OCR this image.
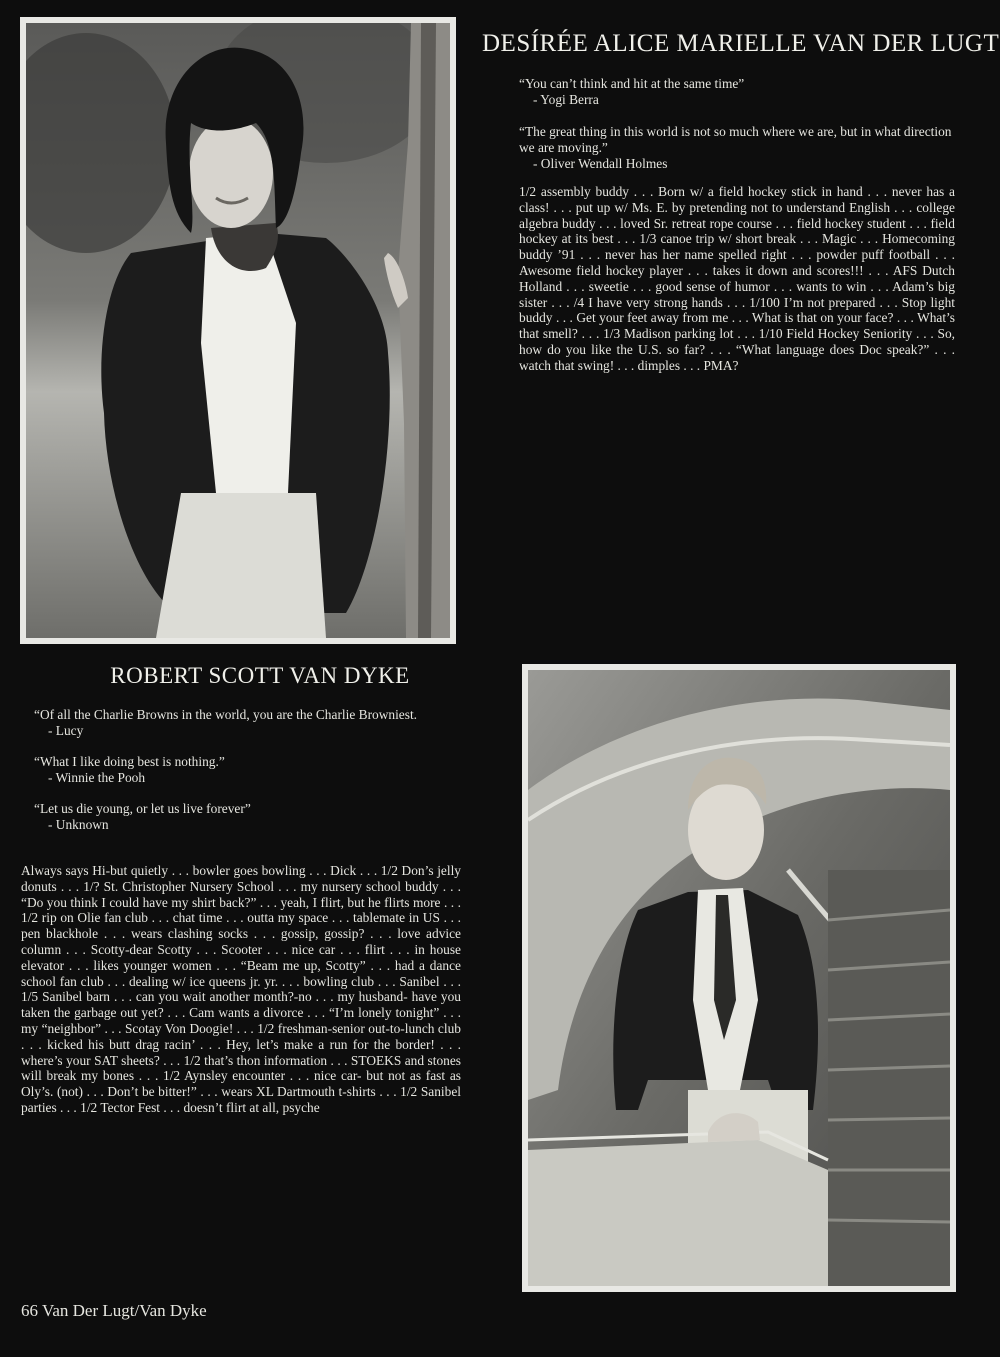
DESÍRÉE ALICE MARIELLE VAN DER LUGT

“You can’t think and hit at the same time”
- Yogi Berra

“The great thing in this world is not so much where we are, but in what direction we are moving.”
- Oliver Wendall Holmes

1/2 assembly buddy . . . Born w/ a field hockey stick in hand . . . never has a class! . . . put up w/ Ms. E. by pretending not to understand English . . . college algebra buddy . . . loved Sr. retreat rope course . . . field hockey student . . . field hockey at its best . . . 1/3 canoe trip w/ short break . . . Magic . . . Homecoming buddy ’91 . . . never has her name spelled right . . . powder puff football . . . Awesome field hockey player . . . takes it down and scores!!! . . . AFS Dutch Holland . . . sweetie . . . good sense of humor . . . wants to win . . . Adam’s big sister . . . /4 I have very strong hands . . . 1/100 I’m not prepared . . . Stop light buddy . . . Get your feet away from me . . . What is that on your face? . . . What’s that smell? . . . 1/3 Madison parking lot . . . 1/10 Field Hockey Seniority . . . So, how do you like the U.S. so far? . . . “What language does Doc speak?” . . . watch that swing! . . . dimples . . . PMA?

ROBERT SCOTT VAN DYKE

“Of all the Charlie Browns in the world, you are the Charlie Browniest.
- Lucy

“What I like doing best is nothing.”
- Winnie the Pooh

“Let us die young, or let us live forever”
- Unknown

Always says Hi-but quietly . . . bowler goes bowling . . . Dick . . . 1/2 Don’s jelly donuts . . . 1/? St. Christopher Nursery School . . . my nursery school buddy . . . “Do you think I could have my shirt back?” . . . yeah, I flirt, but he flirts more . . . 1/2 rip on Olie fan club . . . chat time . . . outta my space . . . tablemate in US . . . pen blackhole . . . wears clashing socks . . . gossip, gossip? . . . love advice column . . . Scotty-dear Scotty . . . Scooter . . . nice car . . . flirt . . . in house elevator . . . likes younger women . . . “Beam me up, Scotty” . . . had a dance school fan club . . . dealing w/ ice queens jr. yr. . . . bowling club . . . Sanibel . . . 1/5 Sanibel barn . . . can you wait another month?-no . . . my husband- have you taken the garbage out yet? . . . Cam wants a divorce . . . “I’m lonely tonight” . . . my “neighbor” . . . Scotay Von Doogie! . . . 1/2 freshman-senior out-to-lunch club . . . kicked his butt drag racin’ . . . Hey, let’s make a run for the border! . . . where’s your SAT sheets? . . . 1/2 that’s thon information . . . STOEKS and stones will break my bones . . . 1/2 Aynsley encounter . . . nice car- but not as fast as Oly’s. (not) . . . Don’t be bitter!” . . . wears XL Dartmouth t-shirts . . . 1/2 Sanibel parties . . . 1/2 Tector Fest . . . doesn’t flirt at all, psyche

66 Van Der Lugt/Van Dyke
